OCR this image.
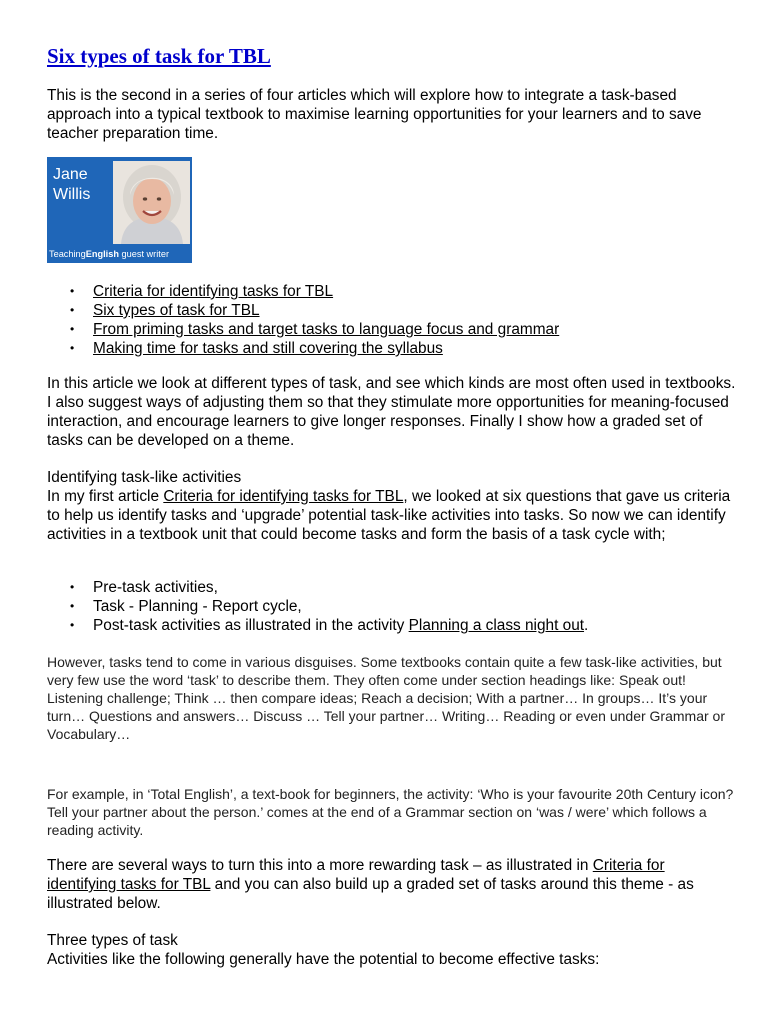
Six types of task for TBL

This is the second in a series of four articles which will explore how to integrate a task-based approach into a typical textbook to maximise learning opportunities for your learners and to save teacher preparation time.

Jane
Willis
TeachingEnglish guest writer
• Criteria for identifying tasks for TBL
• Six types of task for TBL
• From priming tasks and target tasks to language focus and grammar
• Making time for tasks and still covering the syllabus

In this article we look at different types of task, and see which kinds are most often used in textbooks. I also suggest ways of adjusting them so that they stimulate more opportunities for meaning-focused interaction, and encourage learners to give longer responses. Finally I show how a graded set of tasks can be developed on a theme.

Identifying task-like activities

In my first article Criteria for identifying tasks for TBL, we looked at six questions that gave us criteria to help us identify tasks and ‘upgrade’ potential task-like activities into tasks. So now we can identify activities in a textbook unit that could become tasks and form the basis of a task cycle with;

• Pre-task activities,
• Task - Planning - Report cycle,
• Post-task activities as illustrated in the activity Planning a class night out.

However, tasks tend to come in various disguises. Some textbooks contain quite a few task-like activities, but very few use the word ‘task’ to describe them. They often come under section headings like: Speak out! Listening challenge; Think … then compare ideas; Reach a decision; With a partner… In groups… It’s your turn… Questions and answers… Discuss … Tell your partner… Writing… Reading or even under Grammar or Vocabulary…

For example, in ‘Total English’, a text-book for beginners, the activity: ‘Who is your favourite 20th Century icon? Tell your partner about the person.’ comes at the end of a Grammar section on ‘was / were’ which follows a reading activity.

There are several ways to turn this into a more rewarding task – as illustrated in Criteria for identifying tasks for TBL and you can also build up a graded set of tasks around this theme - as illustrated below.

Three types of task

Activities like the following generally have the potential to become effective tasks:
